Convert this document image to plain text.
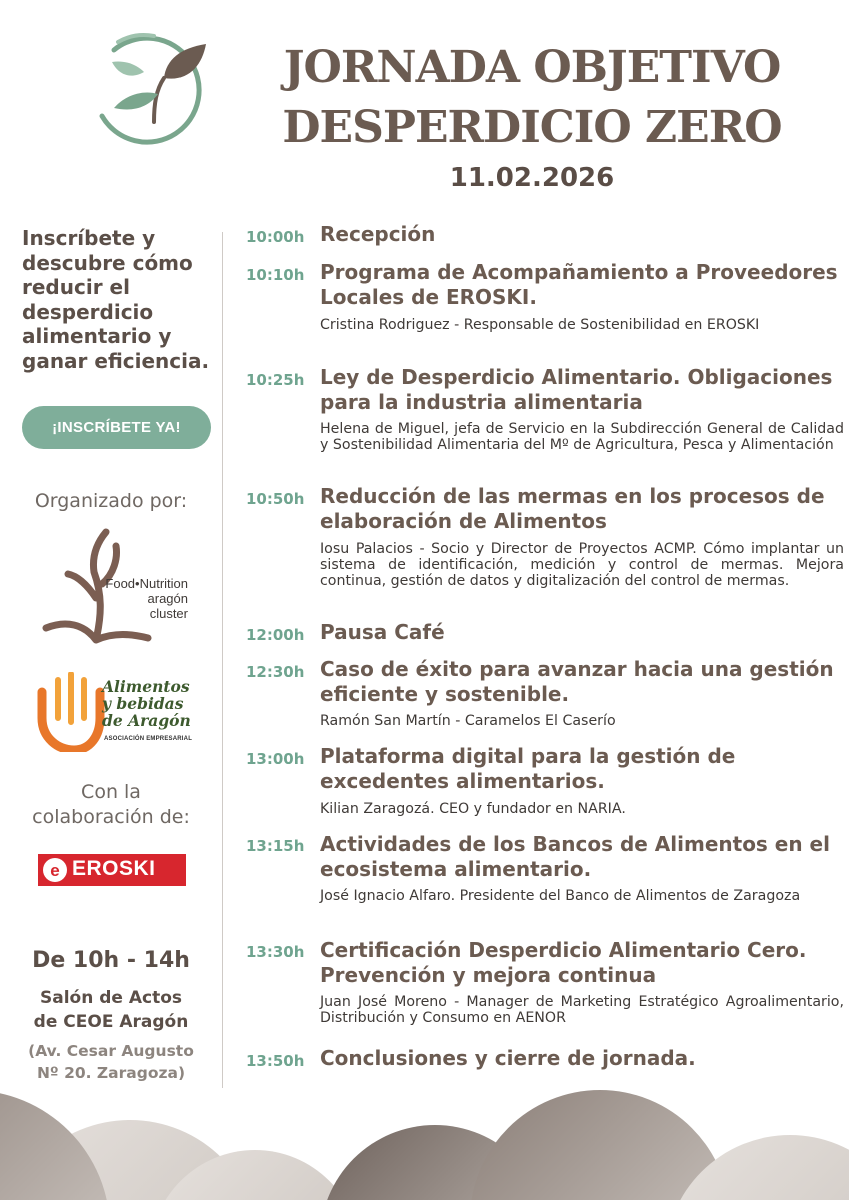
JORNADA OBJETIVO
DESPERDICIO ZERO
11.02.2026
Inscríbete y descubre cómo reducir el desperdicio alimentario y ganar eficiencia.
¡INSCRÍBETE YA!
Organizado por:
Food•Nutrition
aragón
cluster
Alimentos
y bebidas
de Aragón
ASOCIACIÓN EMPRESARIAL
Con la
colaboración de:
e EROSKI
De 10h - 14h
Salón de Actos
de CEOE Aragón
(Av. Cesar Augusto
Nº 20. Zaragoza)
10:00h Recepción
10:10h Programa de Acompañamiento a Proveedores Locales de EROSKI.
Cristina Rodriguez - Responsable de Sostenibilidad en EROSKI
10:25h Ley de Desperdicio Alimentario. Obligaciones para la industria alimentaria
Helena de Miguel, jefa de Servicio en la Subdirección General de Calidad y Sostenibilidad Alimentaria del Mº de Agricultura, Pesca y Alimentación
10:50h Reducción de las mermas en los procesos de elaboración de Alimentos
Iosu Palacios - Socio y Director de Proyectos ACMP. Cómo implantar un sistema de identificación, medición y control de mermas. Mejora continua, gestión de datos y digitalización del control de mermas.
12:00h Pausa Café
12:30h Caso de éxito para avanzar hacia una gestión eficiente y sostenible.
Ramón San Martín - Caramelos El Caserío
13:00h Plataforma digital para la gestión de excedentes alimentarios.
Kilian Zaragozá. CEO y fundador en NARIA.
13:15h Actividades de los Bancos de Alimentos en el ecosistema alimentario.
José Ignacio Alfaro. Presidente del Banco de Alimentos de Zaragoza
13:30h Certificación Desperdicio Alimentario Cero. Prevención y mejora continua
Juan José Moreno - Manager de Marketing Estratégico Agroalimentario, Distribución y Consumo en AENOR
13:50h Conclusiones y cierre de jornada.
